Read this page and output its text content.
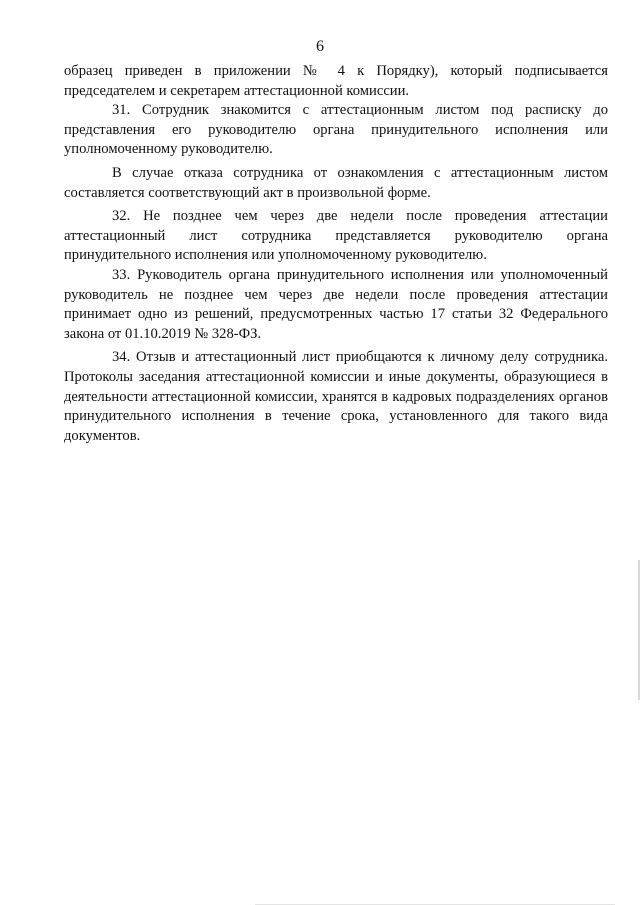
6

образец приведен в приложении № 4 к Порядку), который подписывается председателем и секретарем аттестационной комиссии.

31. Сотрудник знакомится с аттестационным листом под расписку до представления его руководителю органа принудительного исполнения или уполномоченному руководителю.

В случае отказа сотрудника от ознакомления с аттестационным листом составляется соответствующий акт в произвольной форме.

32. Не позднее чем через две недели после проведения аттестации аттестационный лист сотрудника представляется руководителю органа принудительного исполнения или уполномоченному руководителю.

33. Руководитель органа принудительного исполнения или уполномоченный руководитель не позднее чем через две недели после проведения аттестации принимает одно из решений, предусмотренных частью 17 статьи 32 Федерального закона от 01.10.2019 № 328-ФЗ.

34. Отзыв и аттестационный лист приобщаются к личному делу сотрудника. Протоколы заседания аттестационной комиссии и иные документы, образующиеся в деятельности аттестационной комиссии, хранятся в кадровых подразделениях органов принудительного исполнения в течение срока, установленного для такого вида документов.
